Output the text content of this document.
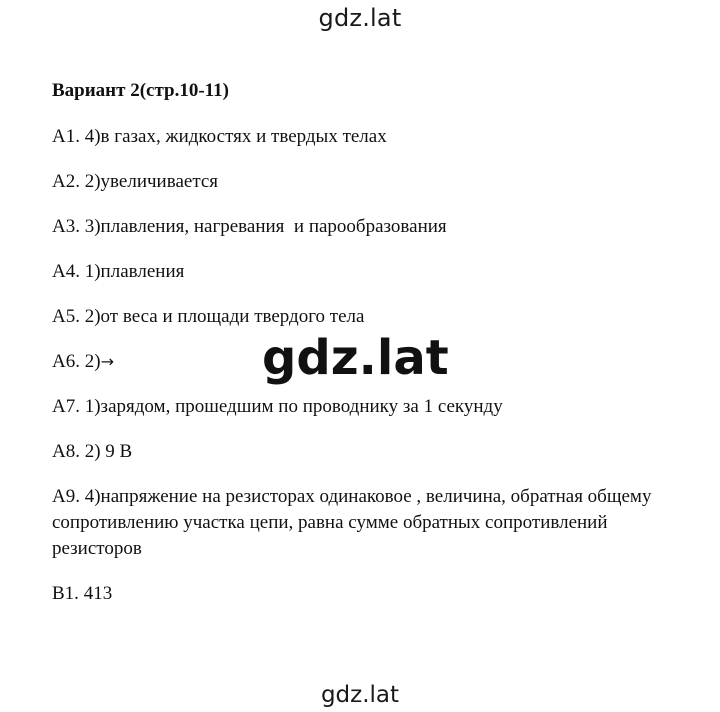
gdz.lat
Вариант 2(стр.10-11)
А1. 4)в газах, жидкостях и твердых телах
А2. 2)увеличивается
А3. 3)плавления, нагревания  и парообразования
А4. 1)плавления
А5. 2)от веса и площади твердого тела
А6. 2)→
А7. 1)зарядом, прошедшим по проводнику за 1 секунду
А8. 2) 9 В
А9. 4)напряжение на резисторах одинаковое , величина, обратная общему сопротивлению участка цепи, равна сумме обратных сопротивлений резисторов
В1. 413
gdz.lat
gdz.lat
